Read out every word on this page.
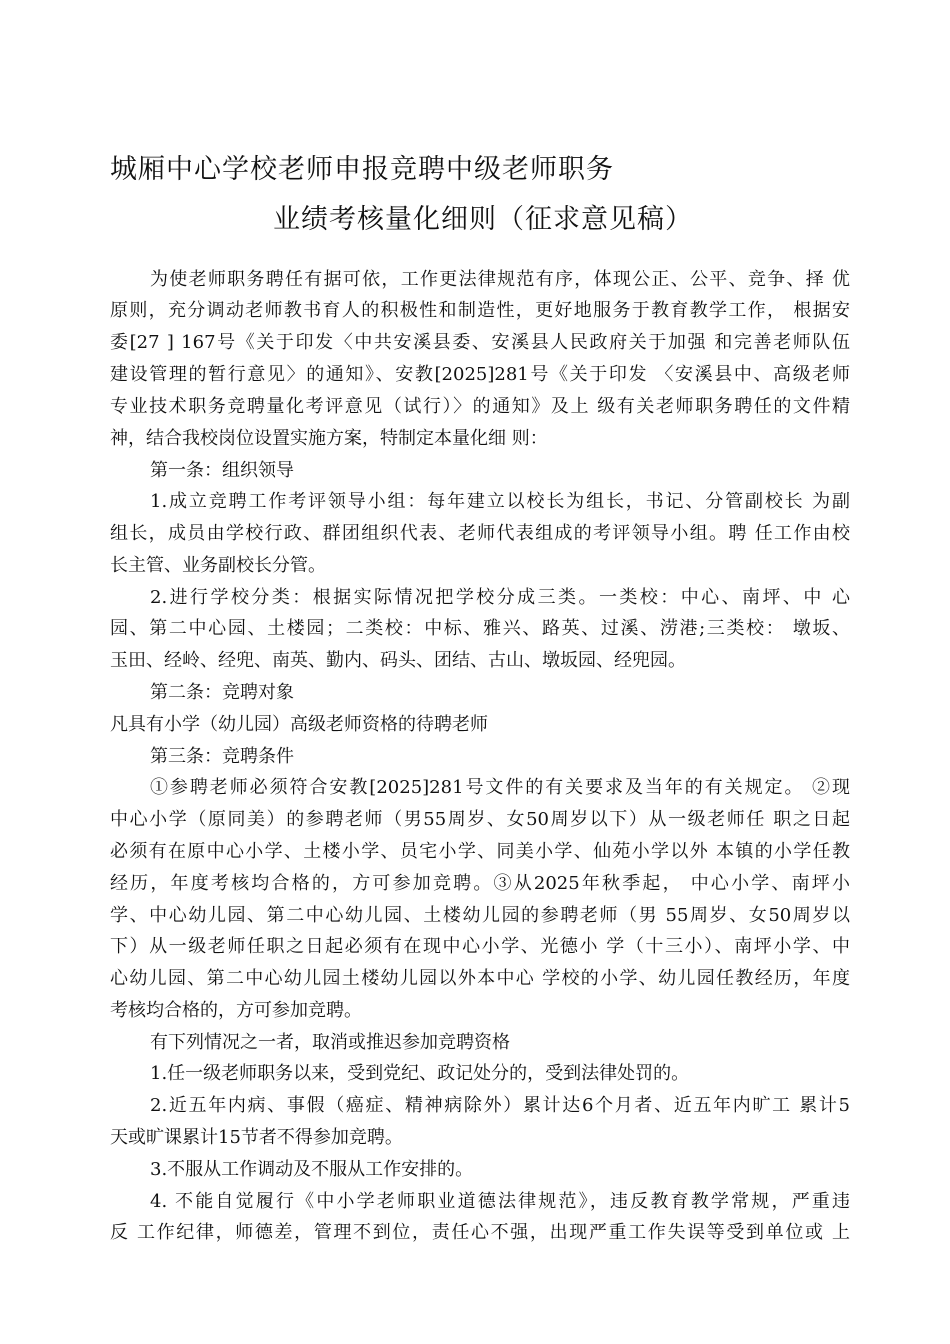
城厢中心学校老师申报竞聘中级老师职务
业绩考核量化细则（征求意见稿）
为使老师职务聘任有据可依，工作更法律规范有序，体现公正、公平、竞争、择 优
原则，充分调动老师教书育人的积极性和制造性，更好地服务于教育教学工作， 根据安
委[27 ] 167号《关于印发〈中共安溪县委、安溪县人民政府关于加强 和完善老师队伍
建设管理的暂行意见〉的通知》、安教[2025]281号《关于印发 〈安溪县中、高级老师
专业技术职务竞聘量化考评意见（试行）〉的通知》及上 级有关老师职务聘任的文件精
神，结合我校岗位设置实施方案，特制定本量化细 则：
第一条：组织领导
1.成立竞聘工作考评领导小组：每年建立以校长为组长，书记、分管副校长 为副
组长，成员由学校行政、群团组织代表、老师代表组成的考评领导小组。聘 任工作由校
长主管、业务副校长分管。
2.进行学校分类：根据实际情况把学校分成三类。一类校：中心、南坪、中 心
园、第二中心园、土楼园；二类校：中标、雅兴、路英、过溪、涝港;三类校： 墩坂、
玉田、经岭、经兜、南英、勤内、码头、团结、古山、墩坂园、经兜园。
第二条：竞聘对象
凡具有小学（幼儿园）高级老师资格的待聘老师
第三条：竞聘条件
①参聘老师必须符合安教[2025]281号文件的有关要求及当年的有关规定。 ②现
中心小学（原同美）的参聘老师（男55周岁、女50周岁以下）从一级老师任 职之日起
必须有在原中心小学、土楼小学、员宅小学、同美小学、仙苑小学以外 本镇的小学任教
经历，年度考核均合格的，方可参加竞聘。③从2025年秋季起， 中心小学、南坪小
学、中心幼儿园、第二中心幼儿园、土楼幼儿园的参聘老师（男 55周岁、女50周岁以
下）从一级老师任职之日起必须有在现中心小学、光德小 学（十三小）、南坪小学、中
心幼儿园、第二中心幼儿园土楼幼儿园以外本中心 学校的小学、幼儿园任教经历，年度
考核均合格的，方可参加竞聘。
有下列情况之一者，取消或推迟参加竞聘资格
1.任一级老师职务以来，受到党纪、政记处分的，受到法律处罚的。
2.近五年内病、事假（癌症、精神病除外）累计达6个月者、近五年内旷工 累计5
天或旷课累计15节者不得参加竞聘。
3.不服从工作调动及不服从工作安排的。
4. 不能自觉履行《中小学老师职业道德法律规范》，违反教育教学常规，严重违
反 工作纪律，师德差，管理不到位，责任心不强，出现严重工作失误等受到单位或 上
